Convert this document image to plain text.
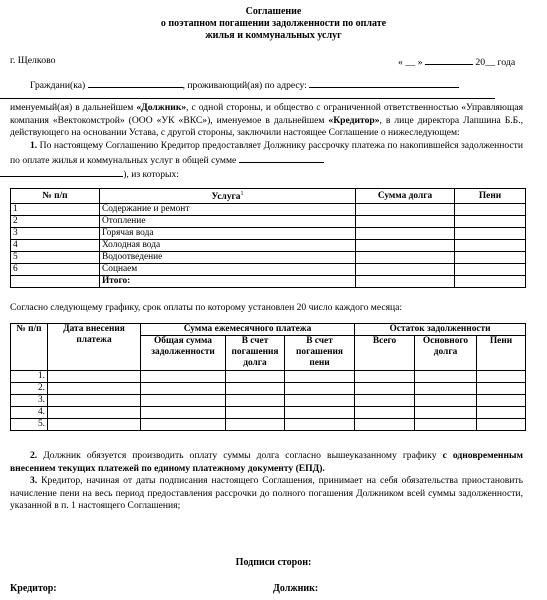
Соглашение
о поэтапном погашении задолженности по оплате
жилья и коммунальных услуг
г. Щелково	« __ »	20__ года
Граждани(ка)	, проживающий(ая) по адресу:
именуемый(ая) в дальнейшем «Должник», с одной стороны, и общество с ограниченной ответственностью «Управляющая компания «Вектокомстрой» (ООО «УК «ВКС»), именуемое в дальнейшем «Кредитор», в лице директора Лапшина Б.Б., действующего на основании Устава, с другой стороны, заключили настоящее Соглашение о нижеследующем:
1. По настоящему Соглашению Кредитор предоставляет Должнику рассрочку платежа по накопившейся задолженности по оплате жилья и коммунальных услуг в общей сумме
), из которых:
№ п/п	Услуга$^1$	Сумма долга	Пени
1	Содержание и ремонт		
2	Отопление		
3	Горячая вода		
4	Холодная вода		
5	Водоотведение		
6	Соцнаем		
	Итого:		
Согласно следующему графику, срок оплаты по которому установлен 20 число каждого месяца:
№ п/п	Дата внесения платежа	Сумма ежемесячного платежа			Остаток задолженности		
		Общая сумма задолженности	В счет погашения долга	В счет погашения пени	Всего	Основного долга	Пени
1.							
2.							
3.							
4.							
5.							
2. Должник обязуется производить оплату суммы долга согласно вышеуказанному графику с одновременным внесением текущих платежей по единому платежному документу (ЕПД).
3. Кредитор, начиная от даты подписания настоящего Соглашения, принимает на себя обязательства приостановить начисление пени на весь период предоставления рассрочки до полного погашения Должником всей суммы задолженности, указанной в п. 1 настоящего Соглашения;
Подписи сторон:
Кредитор:	Должник:
